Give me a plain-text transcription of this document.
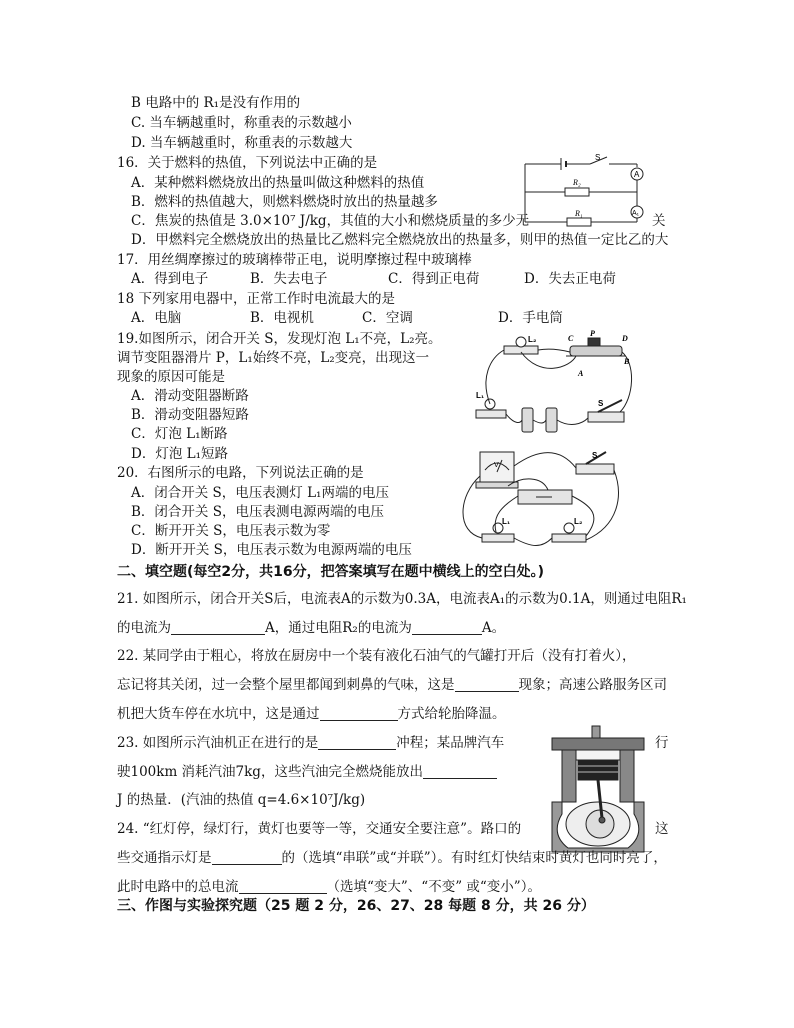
B 电路中的 R₁是没有作用的
C. 当车辆越重时，称重表的示数越小
D. 当车辆越重时，称重表的示数越大
16．关于燃料的热值，下列说法中正确的是
A．某种燃料燃烧放出的热量叫做这种燃料的热值
B．燃料的热值越大，则燃料燃烧时放出的热量越多
C．焦炭的热值是 3.0×10⁷ J/kg，其值的大小和燃烧质量的多少无	关
D．甲燃料完全燃烧放出的热量比乙燃料完全燃烧放出的热量多，则甲的热值一定比乙的大
S
R₂
R₁
A
A₁
17．用丝绸摩擦过的玻璃棒带正电，说明摩擦过程中玻璃棒
A．得到电子	B．失去电子	C．得到正电荷	D．失去正电荷
18 下列家用电器中，正常工作时电流最大的是
A．电脑	B．电视机	C．空调	D．手电筒
19.如图所示，闭合开关 S，发现灯泡 L₁不亮，L₂亮。
调节变阻器滑片 P，L₁始终不亮，L₂变亮，出现这一
现象的原因可能是
A．滑动变阻器断路
B．滑动变阻器短路
C．灯泡 L₁断路
D．灯泡 L₁短路
L₂
L₁
C
P
D
A
B
S
20．右图所示的电路，下列说法正确的是
A．闭合开关 S，电压表测灯 L₁两端的电压
B．闭合开关 S，电压表测电源两端的电压
C．断开开关 S，电压表示数为零
D．断开开关 S，电压表示数为电源两端的电压
S
L₁	L₂
V
二、填空题(每空2分，共16分，把答案填写在题中横线上的空白处。)
21. 如图所示，闭合开关S后，电流表A的示数为0.3A，电流表A₁的示数为0.1A，则通过电阻R₁
的电流为	A，通过电阻R₂的电流为	A。
22. 某同学由于粗心，将放在厨房中一个装有液化石油气的气罐打开后（没有打着火），
忘记将其关闭，过一会整个屋里都闻到刺鼻的气味，这是	现象；高速公路服务区司
机把大货车停在水坑中，这是通过	方式给轮胎降温。
23. 如图所示汽油机正在进行的是	冲程；某品牌汽车	行
驶100km 消耗汽油7kg，这些汽油完全燃烧能放出
J 的热量．(汽油的热值 q=4.6×10⁷J/kg)
24. “红灯停，绿灯行，黄灯也要等一等，交通安全要注意”。路口的	这
些交通指示灯是	的（选填“串联”或“并联”）。有时红灯快结束时黄灯也同时亮了，
此时电路中的总电流	（选填“变大”、“不变” 或“变小”）。
三、作图与实验探究题（25 题 2 分，26、27、28 每题 8 分，共 26 分）
